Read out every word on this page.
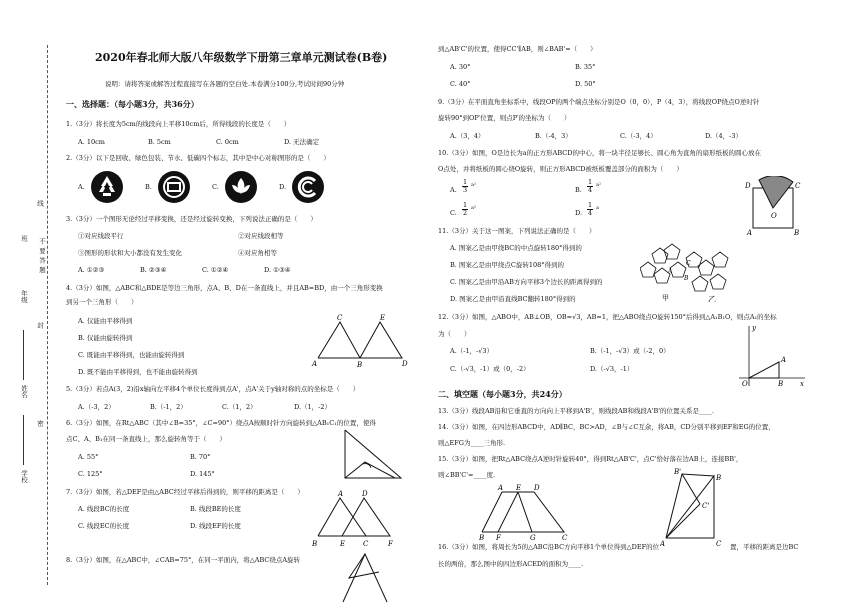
学校
姓名
年级
线
不要答题
封
密
班
2020年春北师大版八年级数学下册第三章单元测试卷(B卷)
说明：请将答案或解答过程直接写在各题的空白处.本卷满分100分,考试时间90分钟
一、选择题：（每小题3分，共36分）
1.（3分）将长度为5cm的线段向上平移10cm后，所得线段的长度是（　　）
A. 10cm	B. 5cm	C. 0cm	D. 无法确定
2.（3分）以下是回收、绿色包装、节水、低碳四个标志，其中是中心对称图形的是（　　）
A.	B.	C.	D.
3.（3分）一个图形无论经过平移变换，还是经过旋转变换，下列说法正确的是（　　）
①对应线段平行	②对应线段相等
③图形的形状和大小都没有发生变化	④对应角相等
A. ①②③	B. ②③④	C. ①②④	D. ①③④
4.（3分）如图，△ABC和△BDE是等边三角形，点A、B、D在一条直线上，并且AB=BD，由一个三角形变换
到另一个三角形（　　）
A. 仅能由平移得到
B. 仅能由旋转得到
C. 既能由平移得到，也能由旋转得到
D. 既不能由平移得到，也不能由旋转得到
A	B
C
D
E
5.（3分）若点A(3，2)沿x轴向左平移4个单位长度得到点A'，点A'关于y轴对称的点的坐标是（　　）
A.（-3，2）	B.（-1，2）	C.（1，2）	D.（1，-2）
6.（3分）如图，在Rt△ABC（其中∠B=35°，∠C=90°）绕点A按顺时针方向旋转到△AB₁C₁的位置，使得
点C、A、B₁在同一条直线上，那么旋转角等于（　　）
A. 55°	B. 70°
C. 125°	D. 145°
7.（3分）如图，若△DEF是由△ABC经过平移后得到的，则平移的距离是（　　）
A. 线段BC的长度	B. 线段BE的长度
C. 线段EC的长度	D. 线段EF的长度
A	D
B	E	C	F
8.（3分）如图，在△ABC中，∠CAB=75°，在同一平面内，将△ABC绕点A旋转
到△AB'C'的位置，使得CC'∥AB，则∠BAB'=（　　）
A. 30°	B. 35°
C. 40°	D. 50°
9.（3分）在平面直角坐标系中，线段OP的两个端点坐标分别是O（0，0），P（4，3），将线段OP绕点O逆时针
旋转90°到OP′位置，则点P′的坐标为（　　）
A.（3，4）	B.（-4，3）	C.（-3，4）	D.（4，-3）
10.（3分）如图，O是边长为a的正方形ABCD的中心，将一块半径足够长、圆心角为直角的扇形纸板的圆心放在
O点处，并将纸板的圆心绕O旋转，则正方形ABCD被纸板覆盖部分的面积为（　　）
A. $\frac{1}{3} a^2$
B. $\frac{1}{4} a^2$
C. $\frac{1}{2} a^2$
D. $\frac{1}{4}$ a
D	C
A	B
O
11.（3分）关于这一图案，下列说法正确的是（　　）
A. 图案乙是由甲绕BC的中点旋转180°得到的
B. 图案乙是由甲绕点C旋转108°得到的
C. 图案乙是由甲沿AB方向平移3个边长的距离得到的
D. 图案乙是由甲沿直线BC翻转180°得到的	甲	乙
A
B
C
12.（3分）如图，△ABO中，AB⊥OB，OB=√3，AB=1，把△ABO绕点O旋转150°后得到△A₁B₁O，则点A₁的坐标
为（　　）
A.（-1，-√3）	B.（-1，-√3）或（-2，0）
C.（-√3，-1）或（0，-2）	D.（-√3，-1）
O	B
A
x
y
二、填空题（每小题3分，共24分）
13.（3分）线段AB沿和它垂直的方向向上平移到A'B'，则线段AB和线段A'B'的位置关系是____.
14.（3分）如图，在四边形ABCD中，AD∥BC，BC>AD，∠B与∠C互余，将AB，CD分别平移到EF和EG的位置，
则△EFG为____三角形.
15.（3分）如图，把Rt△ABC绕点A逆时针旋转40°，得到Rt△AB'C'，点C'恰好落在边AB上，连接BB'，
则∠BB'C'=____度.
A	D
E
B F	G	C
B'
C'
A
B
C
16.（3分）如图，将周长为5的△ABC沿BC方向平移1个单位得到△DEF的位	置，平移的距离是边BC
长的两倍，那么图中的四边形ACED的面积为____.
